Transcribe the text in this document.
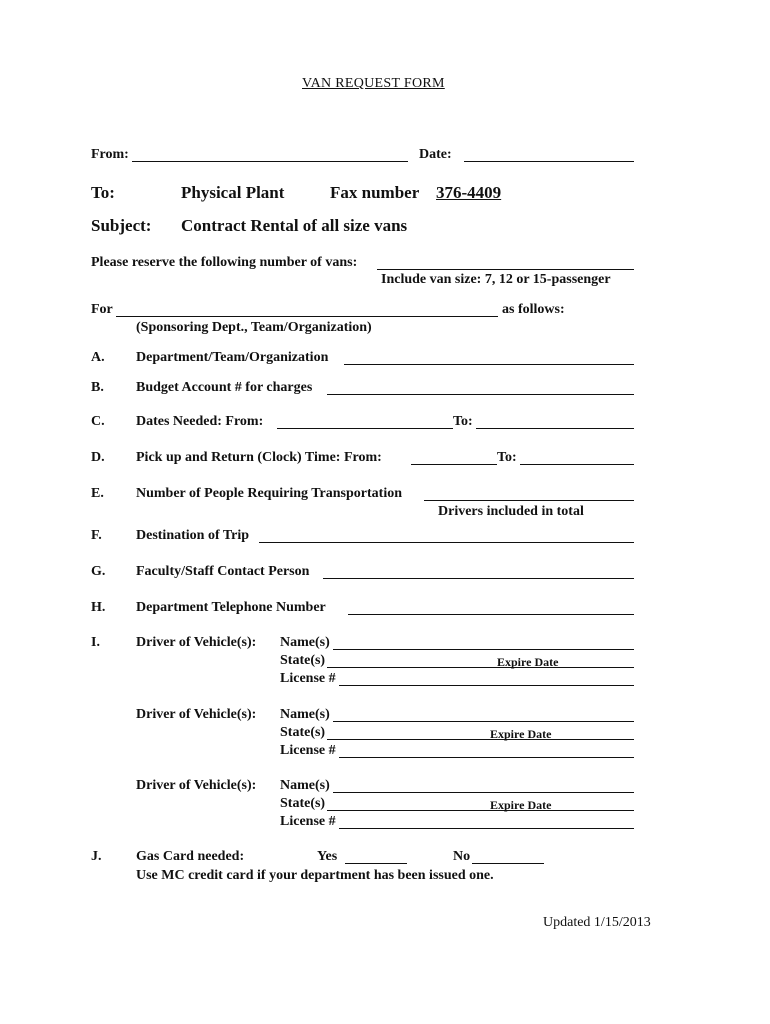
VAN REQUEST FORM
From:	Date:
To:	Physical Plant	Fax number 376-4409
Subject: Contract Rental of all size vans
Please reserve the following number of vans:
Include van size: 7, 12 or 15-passenger
For	as follows:
(Sponsoring Dept., Team/Organization)
A. Department/Team/Organization
B. Budget Account # for charges
C. Dates Needed: From:	To:
D. Pick up and Return (Clock) Time: From:	To:
E. Number of People Requiring Transportation
Drivers included in total
F. Destination of Trip
G. Faculty/Staff Contact Person
H. Department Telephone Number
I.	Driver of Vehicle(s): Name(s)
State(s)	Expire Date
License #
Driver of Vehicle(s): Name(s)
State(s)	Expire Date
License #
Driver of Vehicle(s): Name(s)
State(s)	Expire Date
License #
J. Gas Card needed:	Yes	No
Use MC credit card if your department has been issued one.
Updated 1/15/2013
